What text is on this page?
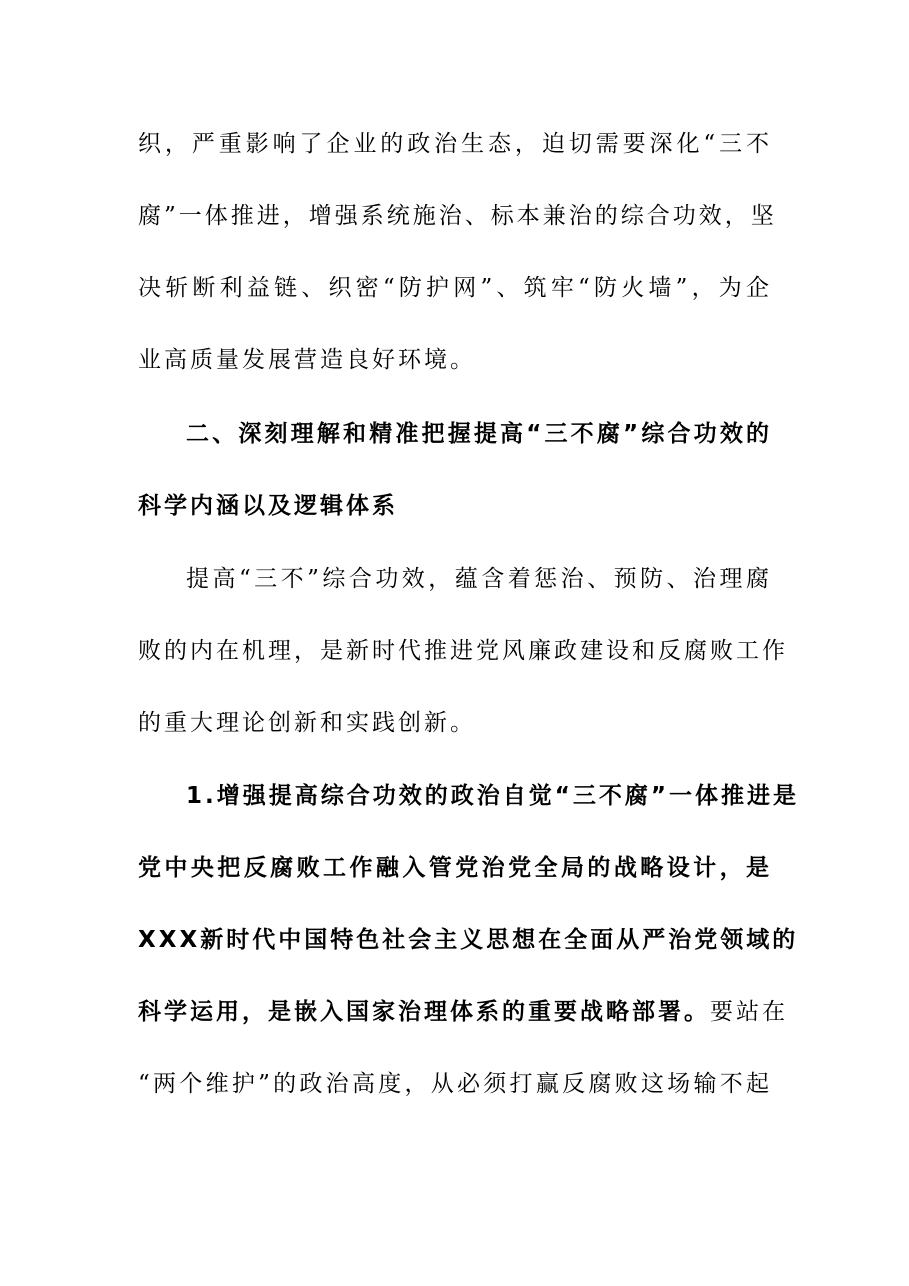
织，严重影响了企业的政治生态，迫切需要深化“三不
腐”一体推进，增强系统施治、标本兼治的综合功效，坚
决斩断利益链、织密“防护网”、筑牢“防火墙”，为企
业高质量发展营造良好环境。
二、深刻理解和精准把握提高“三不腐”综合功效的
科学内涵以及逻辑体系
提高“三不”综合功效，蕴含着惩治、预防、治理腐
败的内在机理，是新时代推进党风廉政建设和反腐败工作
的重大理论创新和实践创新。
1.增强提高综合功效的政治自觉“三不腐”一体推进是
党中央把反腐败工作融入管党治党全局的战略设计，是
XXX新时代中国特色社会主义思想在全面从严治党领域的
科学运用，是嵌入国家治理体系的重要战略部署。要站在
“两个维护”的政治高度，从必须打赢反腐败这场输不起
